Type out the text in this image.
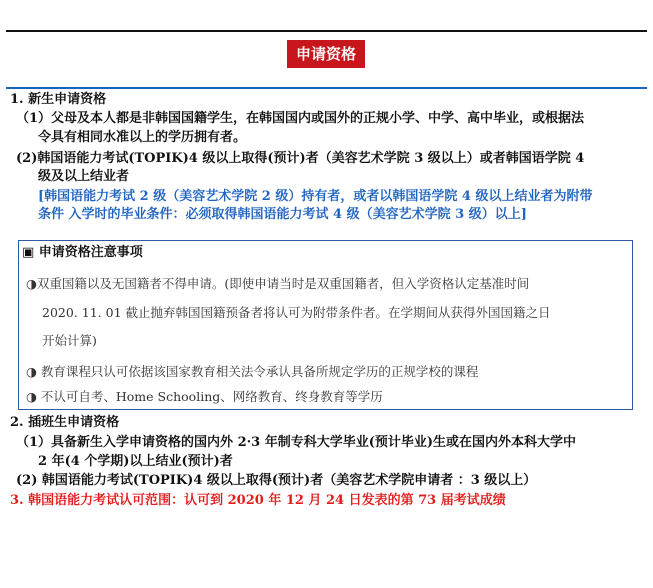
申请资格
1. 新生申请资格
（1）父母及本人都是非韩国国籍学生，在韩国国内或国外的正规小学、中学、高中毕业，或根据法
令具有相同水准以上的学历拥有者。
(2)韩国语能力考试(TOPIK)4 级以上取得(预计)者（美容艺术学院 3 级以上）或者韩国语学院 4
级及以上结业者
[韩国语能力考试 2 级（美容艺术学院 2 级）持有者，或者以韩国语学院 4 级以上结业者为附带
条件 入学时的毕业条件：必须取得韩国语能力考试 4 级（美容艺术学院 3 级）以上]
▣ 申请资格注意事项
◑双重国籍以及无国籍者不得申请。(即使申请当时是双重国籍者，但入学资格认定基准时间
2020. 11. 01 截止抛弃韩国国籍预备者将认可为附带条件者。在学期间从获得外国国籍之日
开始计算)
◑ 教育课程只认可依据该国家教育相关法令承认具备所规定学历的正规学校的课程
◑ 不认可自考、Home Schooling、网络教育、终身教育等学历
2. 插班生申请资格
（1）具备新生入学申请资格的国内外 2·3 年制专科大学毕业(预计毕业)生或在国内外本科大学中
2 年(4 个学期)以上结业(预计)者
(2) 韩国语能力考试(TOPIK)4 级以上取得(预计)者（美容艺术学院申请者 ：3 级以上）
3. 韩国语能力考试认可范围：认可到 2020 年 12 月 24 日发表的第 73 届考试成绩
